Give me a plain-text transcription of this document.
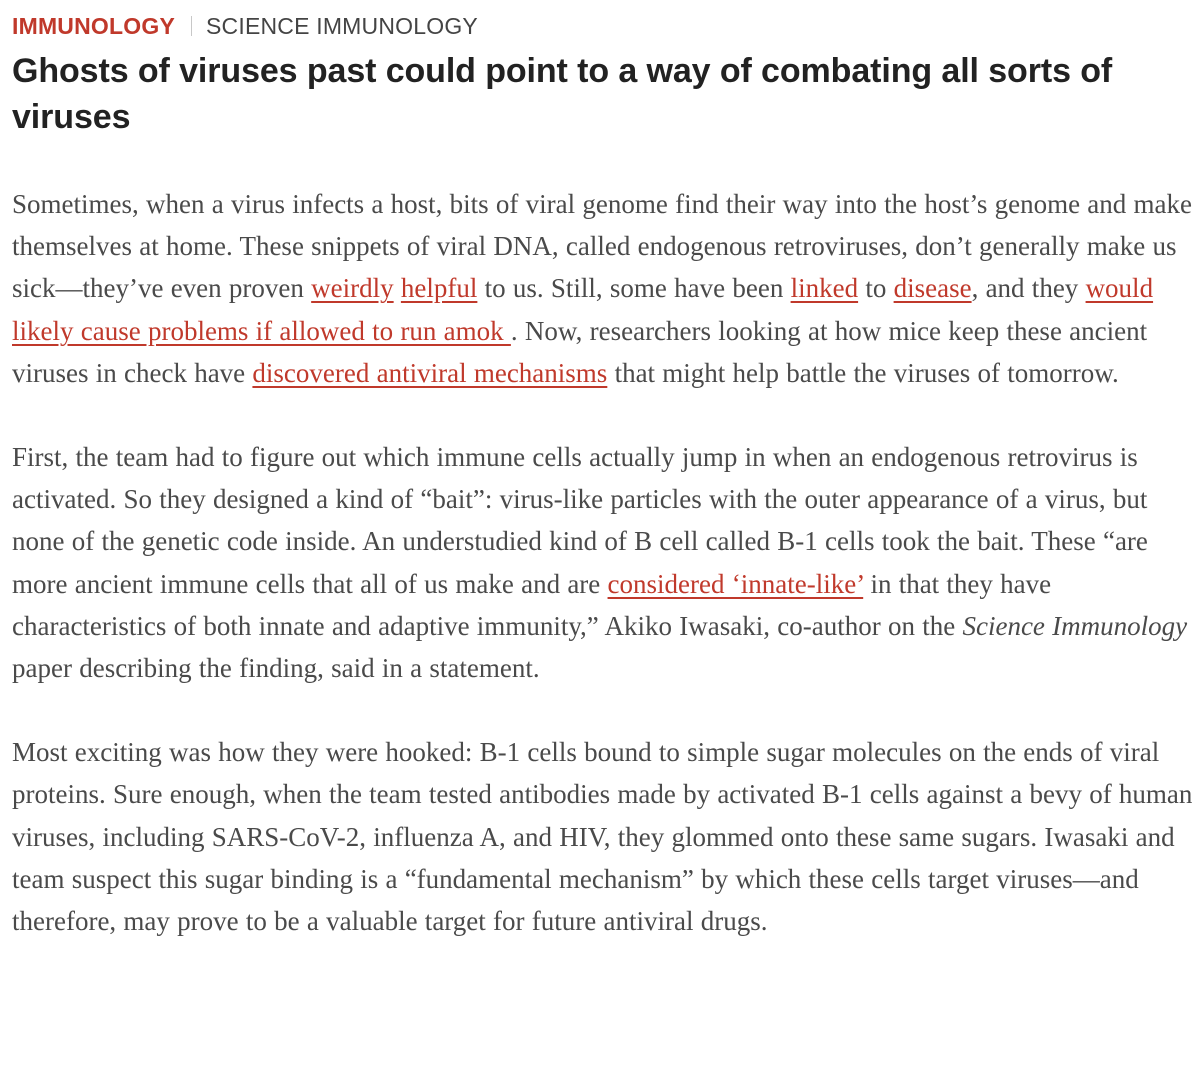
IMMUNOLOGY SCIENCE IMMUNOLOGY
Ghosts of viruses past could point to a way of combating all sorts of viruses

Sometimes, when a virus infects a host, bits of viral genome find their way into the host’s genome and make themselves at home. These snippets of viral DNA, called endogenous retroviruses, don’t generally make us sick—they’ve even proven weirdly helpful to us. Still, some have been linked to disease, and they would likely cause problems if allowed to run amok . Now, researchers looking at how mice keep these ancient viruses in check have discovered antiviral mechanisms that might help battle the viruses of tomorrow.

First, the team had to figure out which immune cells actually jump in when an endogenous retrovirus is activated. So they designed a kind of “bait”: virus-like particles with the outer appearance of a virus, but none of the genetic code inside. An understudied kind of B cell called B-1 cells took the bait. These “are more ancient immune cells that all of us make and are considered ‘innate-like’ in that they have characteristics of both innate and adaptive immunity,” Akiko Iwasaki, co-author on the Science Immunology paper describing the finding, said in a statement.

Most exciting was how they were hooked: B-1 cells bound to simple sugar molecules on the ends of viral proteins. Sure enough, when the team tested antibodies made by activated B-1 cells against a bevy of human viruses, including SARS-CoV-2, influenza A, and HIV, they glommed onto these same sugars. Iwasaki and team suspect this sugar binding is a “fundamental mechanism” by which these cells target viruses—and therefore, may prove to be a valuable target for future antiviral drugs.
